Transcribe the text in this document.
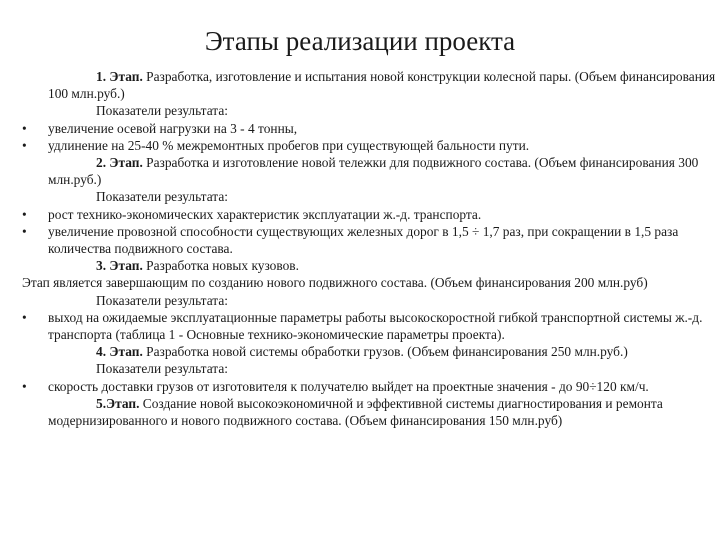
Этапы реализации проекта
1. Этап. Разработка, изготовление и испытания новой конструкции колесной пары. (Объем финансирования 100 млн.руб.)
Показатели результата:
•	увеличение осевой нагрузки на 3 - 4 тонны,
•	удлинение на 25-40 % межремонтных пробегов при существующей бальности пути.
2. Этап. Разработка и изготовление новой тележки для подвижного состава. (Объем финансирования 300 млн.руб.)
Показатели результата:
•	рост технико-экономических характеристик эксплуатации ж.-д. транспорта.
•	увеличение провозной способности существующих железных дорог в 1,5 ÷ 1,7 раз, при сокращении в 1,5 раза количества подвижного состава.
3. Этап. Разработка новых кузовов.
Этап является завершающим по созданию нового подвижного состава. (Объем финансирования 200 млн.руб)
Показатели результата:
•	выход на ожидаемые эксплуатационные параметры работы высокоскоростной гибкой транспортной системы ж.-д. транспорта (таблица 1 - Основные технико-экономические параметры проекта).
4. Этап. Разработка новой системы обработки грузов. (Объем финансирования 250 млн.руб.)
Показатели результата:
•	скорость доставки грузов от изготовителя к получателю выйдет на проектные значения - до 90÷120 км/ч.
5.Этап. Создание новой высокоэкономичной и эффективной системы диагностирования и ремонта модернизированного и нового подвижного состава. (Объем финансирования 150 млн.руб)
